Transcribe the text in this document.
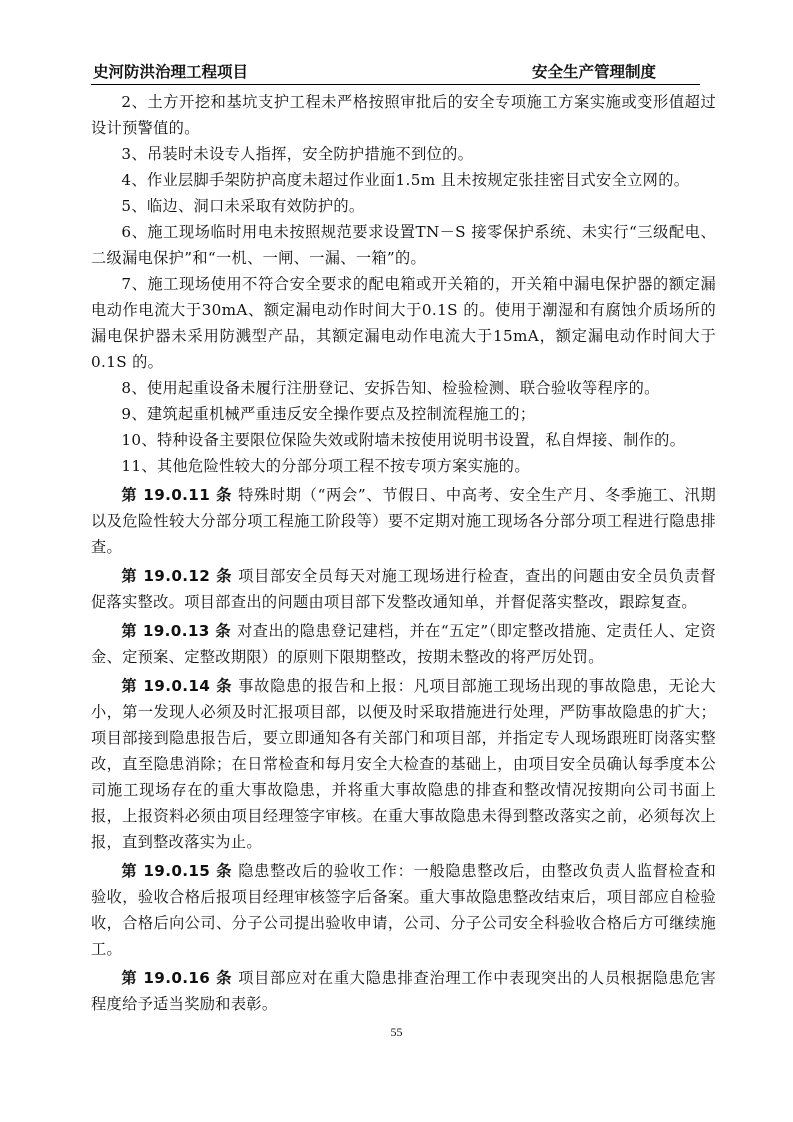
史河防洪治理工程项目	安全生产管理制度

2、土方开挖和基坑支护工程未严格按照审批后的安全专项施工方案实施或变形值超过设计预警值的。

3、吊装时未设专人指挥，安全防护措施不到位的。

4、作业层脚手架防护高度未超过作业面1.5m 且未按规定张挂密目式安全立网的。

5、临边、洞口未采取有效防护的。

6、施工现场临时用电未按照规范要求设置TN－S 接零保护系统、未实行“三级配电、二级漏电保护”和“一机、一闸、一漏、一箱”的。

7、施工现场使用不符合安全要求的配电箱或开关箱的，开关箱中漏电保护器的额定漏电动作电流大于30mA、额定漏电动作时间大于0.1S 的。使用于潮湿和有腐蚀介质场所的漏电保护器未采用防溅型产品，其额定漏电动作电流大于15mA，额定漏电动作时间大于0.1S 的。

8、使用起重设备未履行注册登记、安拆告知、检验检测、联合验收等程序的。

9、建筑起重机械严重违反安全操作要点及控制流程施工的；

10、特种设备主要限位保险失效或附墙未按使用说明书设置，私自焊接、制作的。

11、其他危险性较大的分部分项工程不按专项方案实施的。

第 19.0.11 条 特殊时期（“两会”、节假日、中高考、安全生产月、冬季施工、汛期以及危险性较大分部分项工程施工阶段等）要不定期对施工现场各分部分项工程进行隐患排查。

第 19.0.12 条 项目部安全员每天对施工现场进行检查，查出的问题由安全员负责督促落实整改。项目部查出的问题由项目部下发整改通知单，并督促落实整改，跟踪复查。

第 19.0.13 条 对查出的隐患登记建档，并在“五定”（即定整改措施、定责任人、定资金、定预案、定整改期限）的原则下限期整改，按期未整改的将严厉处罚。

第 19.0.14 条 事故隐患的报告和上报：凡项目部施工现场出现的事故隐患，无论大小，第一发现人必须及时汇报项目部，以便及时采取措施进行处理，严防事故隐患的扩大；项目部接到隐患报告后，要立即通知各有关部门和项目部，并指定专人现场跟班盯岗落实整改，直至隐患消除；在日常检查和每月安全大检查的基础上，由项目安全员确认每季度本公司施工现场存在的重大事故隐患，并将重大事故隐患的排查和整改情况按期向公司书面上报，上报资料必须由项目经理签字审核。在重大事故隐患未得到整改落实之前，必须每次上报，直到整改落实为止。

第 19.0.15 条 隐患整改后的验收工作：一般隐患整改后，由整改负责人监督检查和验收，验收合格后报项目经理审核签字后备案。重大事故隐患整改结束后，项目部应自检验收，合格后向公司、分子公司提出验收申请，公司、分子公司安全科验收合格后方可继续施工。

第 19.0.16 条 项目部应对在重大隐患排查治理工作中表现突出的人员根据隐患危害程度给予适当奖励和表彰。

55
